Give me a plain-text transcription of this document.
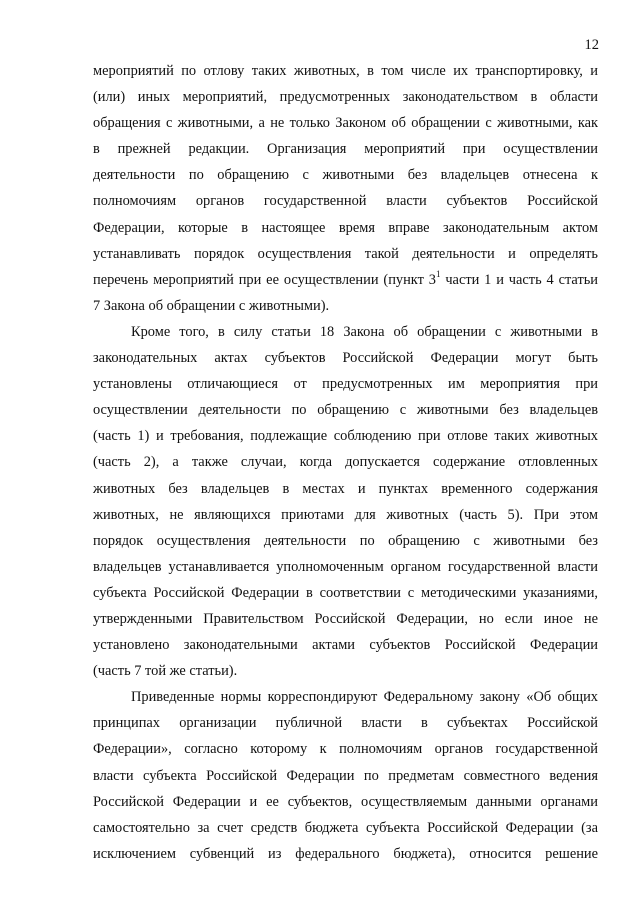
12
мероприятий по отлову таких животных, в том числе их транспортировку, и
(или) иных мероприятий, предусмотренных законодательством в области
обращения с животными, а не только Законом об обращении с животными, как
в прежней редакции. Организация мероприятий при осуществлении
деятельности по обращению с животными без владельцев отнесена к
полномочиям органов государственной власти субъектов Российской
Федерации, которые в настоящее время вправе законодательным актом
устанавливать порядок осуществления такой деятельности и определять
перечень мероприятий при ее осуществлении (пункт $3^1$ части 1 и часть 4 статьи
7 Закона об обращении с животными).
Кроме того, в силу статьи 18 Закона об обращении с животными в
законодательных актах субъектов Российской Федерации могут быть
установлены отличающиеся от предусмотренных им мероприятия при
осуществлении деятельности по обращению с животными без владельцев
(часть 1) и требования, подлежащие соблюдению при отлове таких животных
(часть 2), а также случаи, когда допускается содержание отловленных
животных без владельцев в местах и пунктах временного содержания
животных, не являющихся приютами для животных (часть 5). При этом
порядок осуществления деятельности по обращению с животными без
владельцев устанавливается уполномоченным органом государственной власти
субъекта Российской Федерации в соответствии с методическими указаниями,
утвержденными Правительством Российской Федерации, но если иное не
установлено законодательными актами субъектов Российской Федерации
(часть 7 той же статьи).
Приведенные нормы корреспондируют Федеральному закону «Об общих
принципах организации публичной власти в субъектах Российской
Федерации», согласно которому к полномочиям органов государственной
власти субъекта Российской Федерации по предметам совместного ведения
Российской Федерации и ее субъектов, осуществляемым данными органами
самостоятельно за счет средств бюджета субъекта Российской Федерации (за
исключением субвенций из федерального бюджета), относится решение
